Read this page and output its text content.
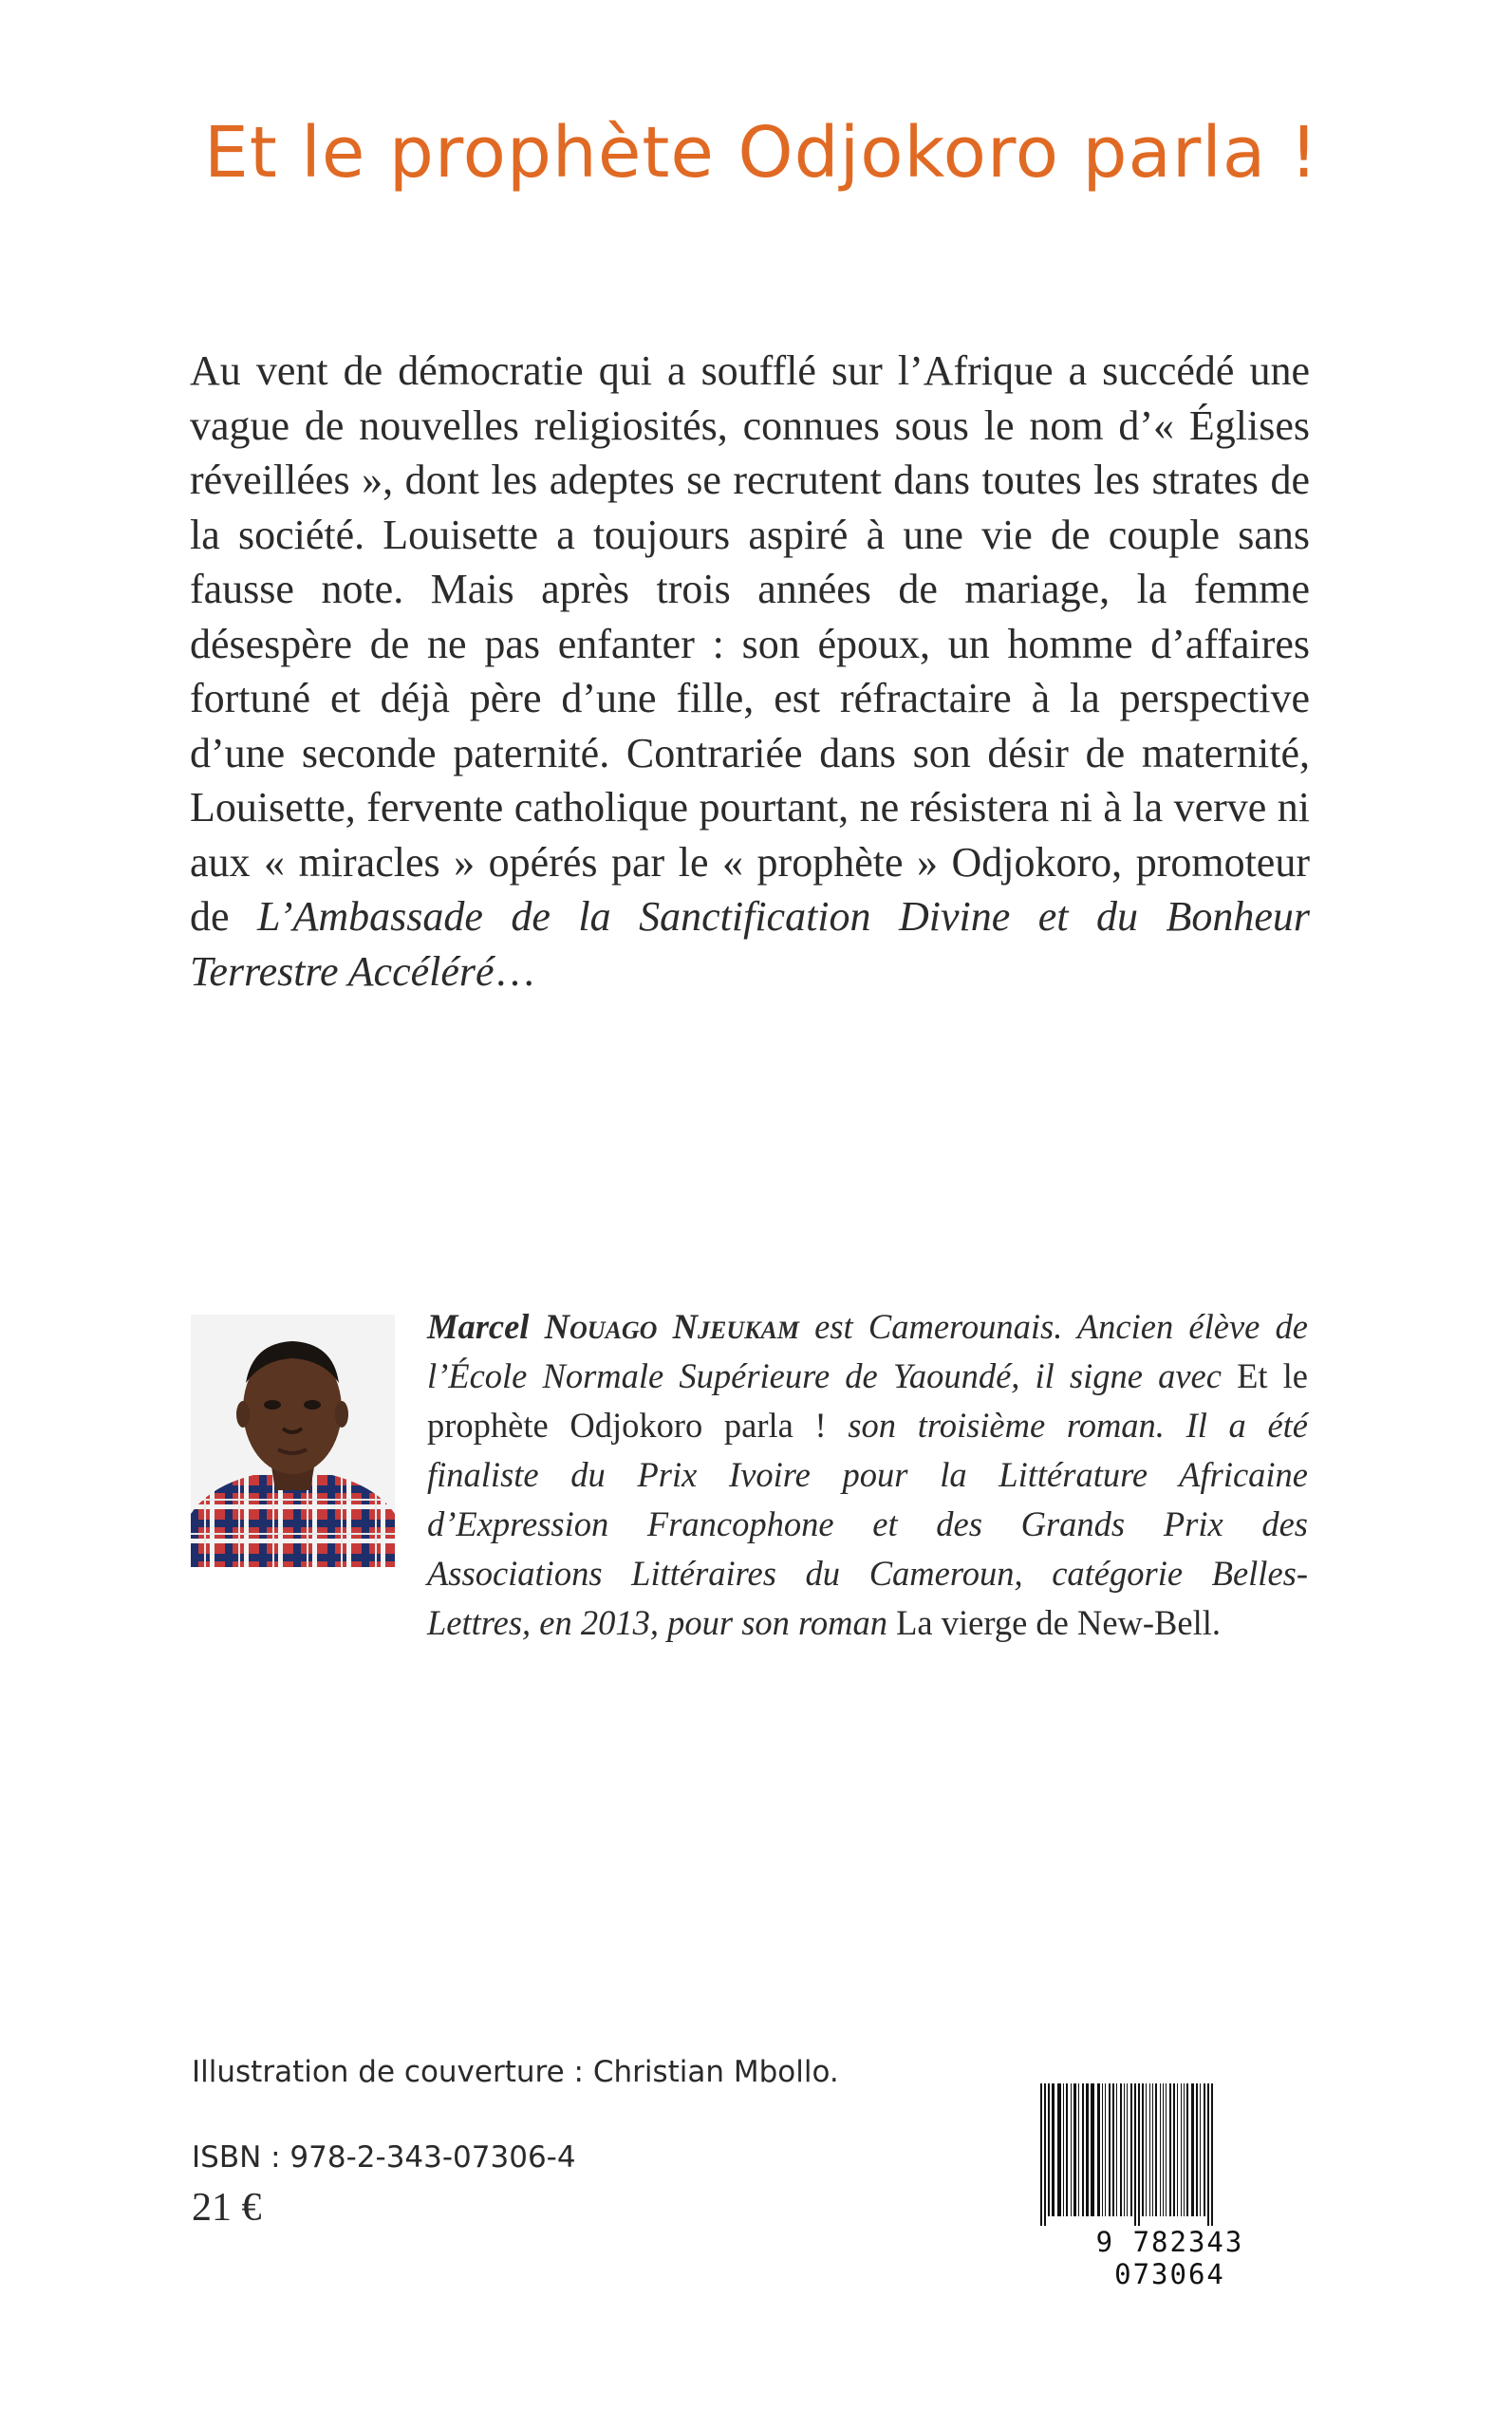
Et le prophète Odjokoro parla !
Au vent de démocratie qui a soufflé sur l’Afrique a succédé une vague de nouvelles religiosités, connues sous le nom d’« Églises réveillées », dont les adeptes se recrutent dans toutes les strates de la société. Louisette a toujours aspiré à une vie de couple sans fausse note. Mais après trois années de mariage, la femme désespère de ne pas enfanter : son époux, un homme d’affaires fortuné et déjà père d’une fille, est réfractaire à la perspective d’une seconde paternité. Contrariée dans son désir de maternité, Louisette, fervente catholique pourtant, ne résistera ni à la verve ni aux « miracles » opérés par le « prophète » Odjokoro, promoteur de L’Ambassade de la Sanctification Divine et du Bonheur Terrestre Accéléré…
Marcel Nouago Njeukam est Camerounais. Ancien élève de l’École Normale Supérieure de Yaoundé, il signe avec Et le prophète Odjokoro parla ! son troisième roman. Il a été finaliste du Prix Ivoire pour la Littérature Africaine d’Expression Francophone et des Grands Prix des Associations Littéraires du Cameroun, catégorie Belles-Lettres, en 2013, pour son roman La vierge de New-Bell.
Illustration de couverture : Christian Mbollo.
ISBN : 978-2-343-07306-4
21 €
9 782343 073064
